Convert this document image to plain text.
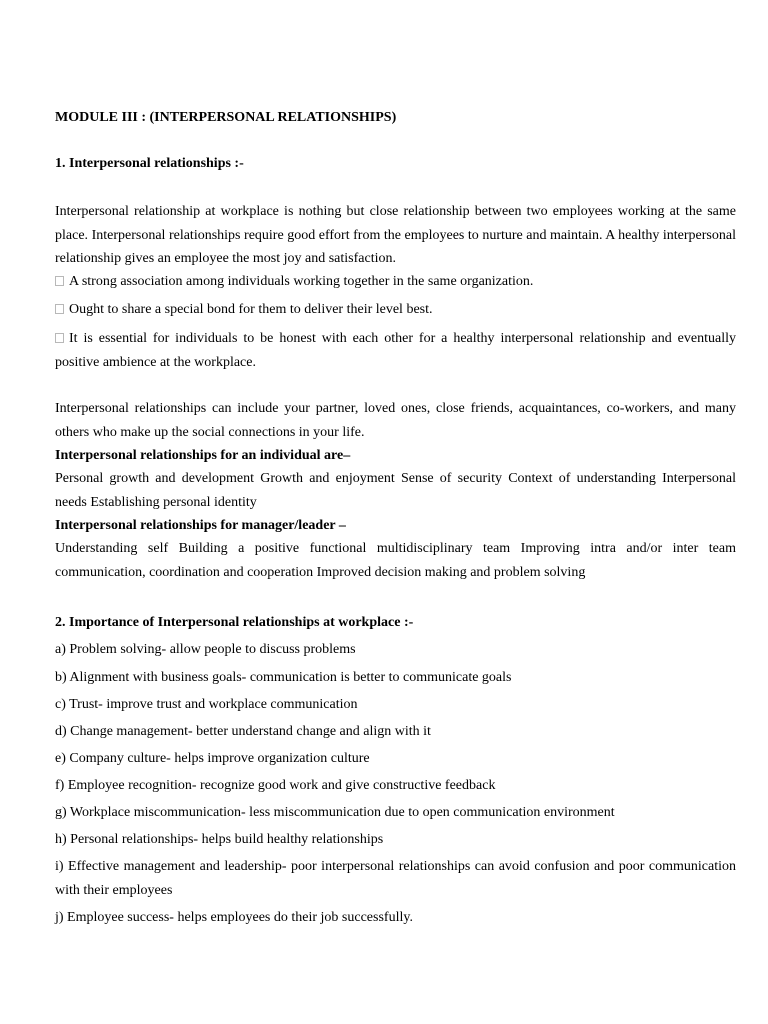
MODULE III : (INTERPERSONAL RELATIONSHIPS)

1. Interpersonal relationships :-

Interpersonal relationship at workplace is nothing but close relationship between two employees working at the same place. Interpersonal relationships require good effort from the employees to nurture and maintain. A healthy interpersonal relationship gives an employee the most joy and satisfaction.

A strong association among individuals working together in the same organization.
Ought to share a special bond for them to deliver their level best.
It is essential for individuals to be honest with each other for a healthy interpersonal relationship and eventually positive ambience at the workplace.

Interpersonal relationships can include your partner, loved ones, close friends, acquaintances, co-workers, and many others who make up the social connections in your life.

Interpersonal relationships for an individual are–

Personal growth and development Growth and enjoyment Sense of security Context of understanding Interpersonal needs Establishing personal identity

Interpersonal relationships for manager/leader –

Understanding self Building a positive functional multidisciplinary team Improving intra and/or inter team communication, coordination and cooperation Improved decision making and problem solving

2. Importance of Interpersonal relationships at workplace :-

a) Problem solving- allow people to discuss problems

b) Alignment with business goals- communication is better to communicate goals

c) Trust- improve trust and workplace communication

d) Change management- better understand change and align with it

e) Company culture- helps improve organization culture

f) Employee recognition- recognize good work and give constructive feedback

g) Workplace miscommunication- less miscommunication due to open communication environment

h) Personal relationships- helps build healthy relationships

i) Effective management and leadership- poor interpersonal relationships can avoid confusion and poor communication with their employees

j) Employee success- helps employees do their job successfully.
